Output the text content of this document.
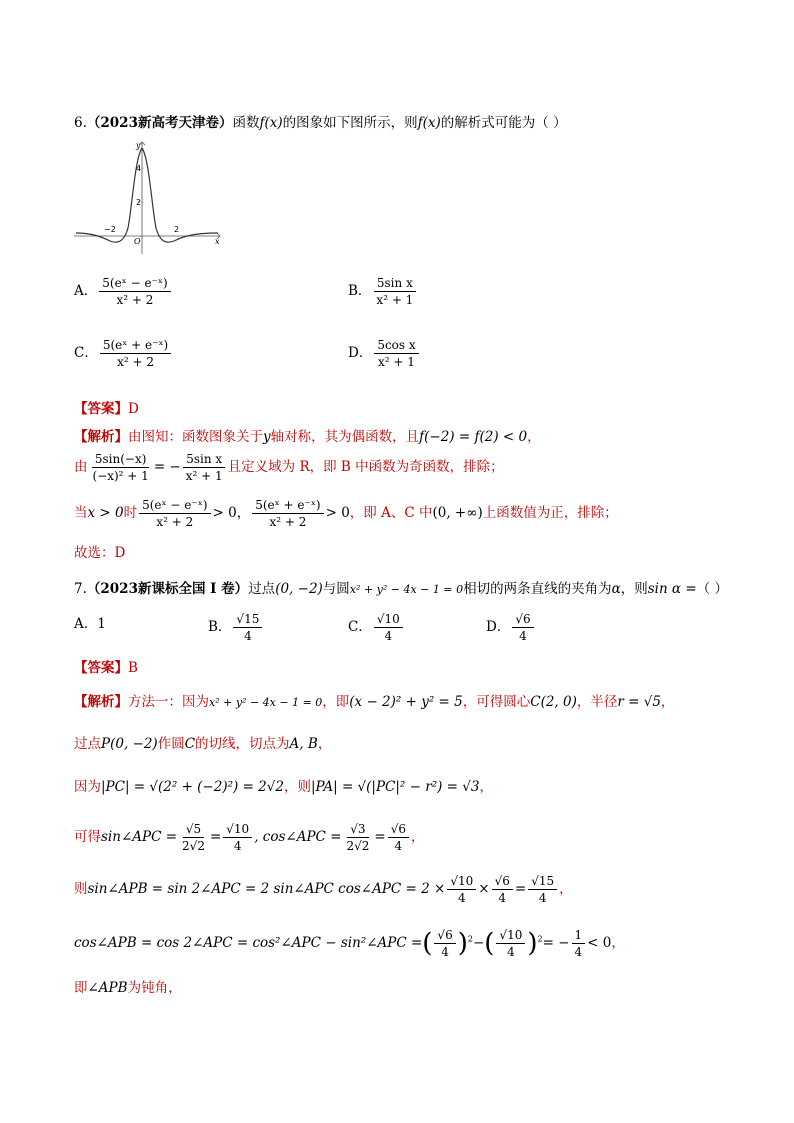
6.（2023新高考天津卷）函数f(x)的图象如下图所示，则f(x)的解析式可能为（ ）
y
x
O
4
2
−2	2
A． $\frac{\text{5(eˣ − e⁻ˣ)}}{\text{x² + 2}}$	B． $\frac{\text{5sin x}}{\text{x² + 1}}$
C． $\frac{\text{5(eˣ + e⁻ˣ)}}{\text{x² + 2}}$	D． $\frac{\text{5cos x}}{\text{x² + 1}}$
【答案】D
【解析】由图知：函数图象关于y轴对称，其为偶函数，且f(−2) = f(2) < 0，
由 $\frac{5\sin(-x)}{\text{(−x)² + 1}}$ = − $\frac{\text{5sin x}}{\text{x² + 1}}$ 且定义域为 R，即 B 中函数为奇函数，排除；
当x > 0时 $\frac{\text{5(eˣ − e⁻ˣ)}}{\text{x² + 2}} > 0$， $\frac{\text{5(eˣ + e⁻ˣ)}}{\text{x² + 2}} > 0$，即 A、C 中(0, +∞)上函数值为正，排除；
故选：D
7.（2023新课标全国 Ⅰ 卷）过点(0, −2)与圆x² + y² − 4x − 1 = 0相切的两条直线的夹角为α，则sin α =（ ）
A．1	B． $\frac{√15}{4}$	C． $\frac{√10}{4}$	D． $\frac{√6}{4}$
【答案】B
【解析】方法一：因为x² + y² − 4x − 1 = 0，即(x − 2)² + y² = 5，可得圆心C(2, 0)，半径r = √5，
过点P(0, −2)作圆C的切线，切点为A, B，
因为|PC| = √(2² + (−2)²) = 2√2，则|PA| = √(|PC|² − r²) = √3，
可得sin∠APC = $\frac{√5}{2√2} = \frac{√10}{4}$ , cos∠APC = $\frac{√3}{2√2} = \frac{√6}{4}$ ，
则sin∠APB = sin 2∠APC = 2 sin∠APC cos∠APC = $2 \times \frac{√10}{4} \times \frac{√6}{4} = \frac{√15}{4}$ ，
cos∠APB = cos 2∠APC = cos²∠APC − sin²∠APC =( $\frac{√6}{4} )^2-( \frac{√10}{4} )^2= - \frac{1}{4} < 0$，
即∠APB为钝角，
